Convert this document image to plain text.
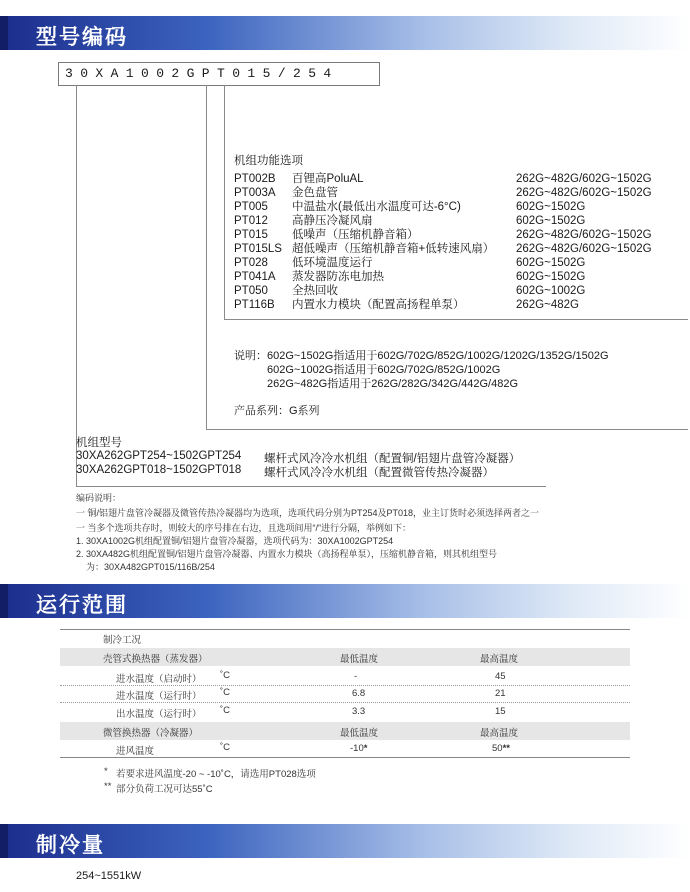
型号编码
30XA1002GPT015/254
机组功能选项
PT002B 百锂高PoluAL	262G~482G/602G~1502G
PT003A 金色盘管	262G~482G/602G~1502G
PT005 中温盐水(最低出水温度可达-6°C)	602G~1502G
PT012 高静压冷凝风扇	602G~1502G
PT015 低噪声（压缩机静音箱）	262G~482G/602G~1502G
PT015LS 超低噪声（压缩机静音箱+低转速风扇） 262G~482G/602G~1502G
PT028 低环境温度运行	602G~1502G
PT041A 蒸发器防冻电加热	602G~1502G
PT050 全热回收	602G~1002G
PT116B 内置水力模块（配置高扬程单泵）	262G~482G
说明： 602G~1502G指适用于602G/702G/852G/1002G/1202G/1352G/1502G
602G~1002G指适用于602G/702G/852G/1002G
262G~482G指适用于262G/282G/342G/442G/482G
产品系列：G系列
机组型号
30XA262GPT254~1502GPT254 螺杆式风冷冷水机组（配置铜/铝翅片盘管冷凝器）
30XA262GPT018~1502GPT018 螺杆式风冷冷水机组（配置微管传热冷凝器）
编码说明：
一 铜/铝翅片盘管冷凝器及微管传热冷凝器均为选项，选项代码分别为PT254及PT018，业主订货时必须选择两者之一
一 当多个选项共存时，则较大的序号排在右边，且选项间用“/”进行分隔，举例如下：
1. 30XA1002G机组配置铜/铝翅片盘管冷凝器，选项代码为：30XA1002GPT254
2. 30XA482G机组配置铜/铝翅片盘管冷凝器、内置水力模块（高扬程单泵），压缩机静音箱，则其机组型号
为：30XA482GPT015/116B/254
运行范围
制冷工况
壳管式换热器（蒸发器）	最低温度	最高温度
进水温度（启动时） ˚C	-	45
进水温度（运行时） ˚C	6.8	21
出水温度（运行时） ˚C	3.3	15
微管换热器（冷凝器）	最低温度	最高温度
进风温度	˚C	-10*	50**
* 若要求进风温度-20 ~ -10˚C，请选用PT028选项
** 部分负荷工况可达55˚C
制冷量
254~1551kW
